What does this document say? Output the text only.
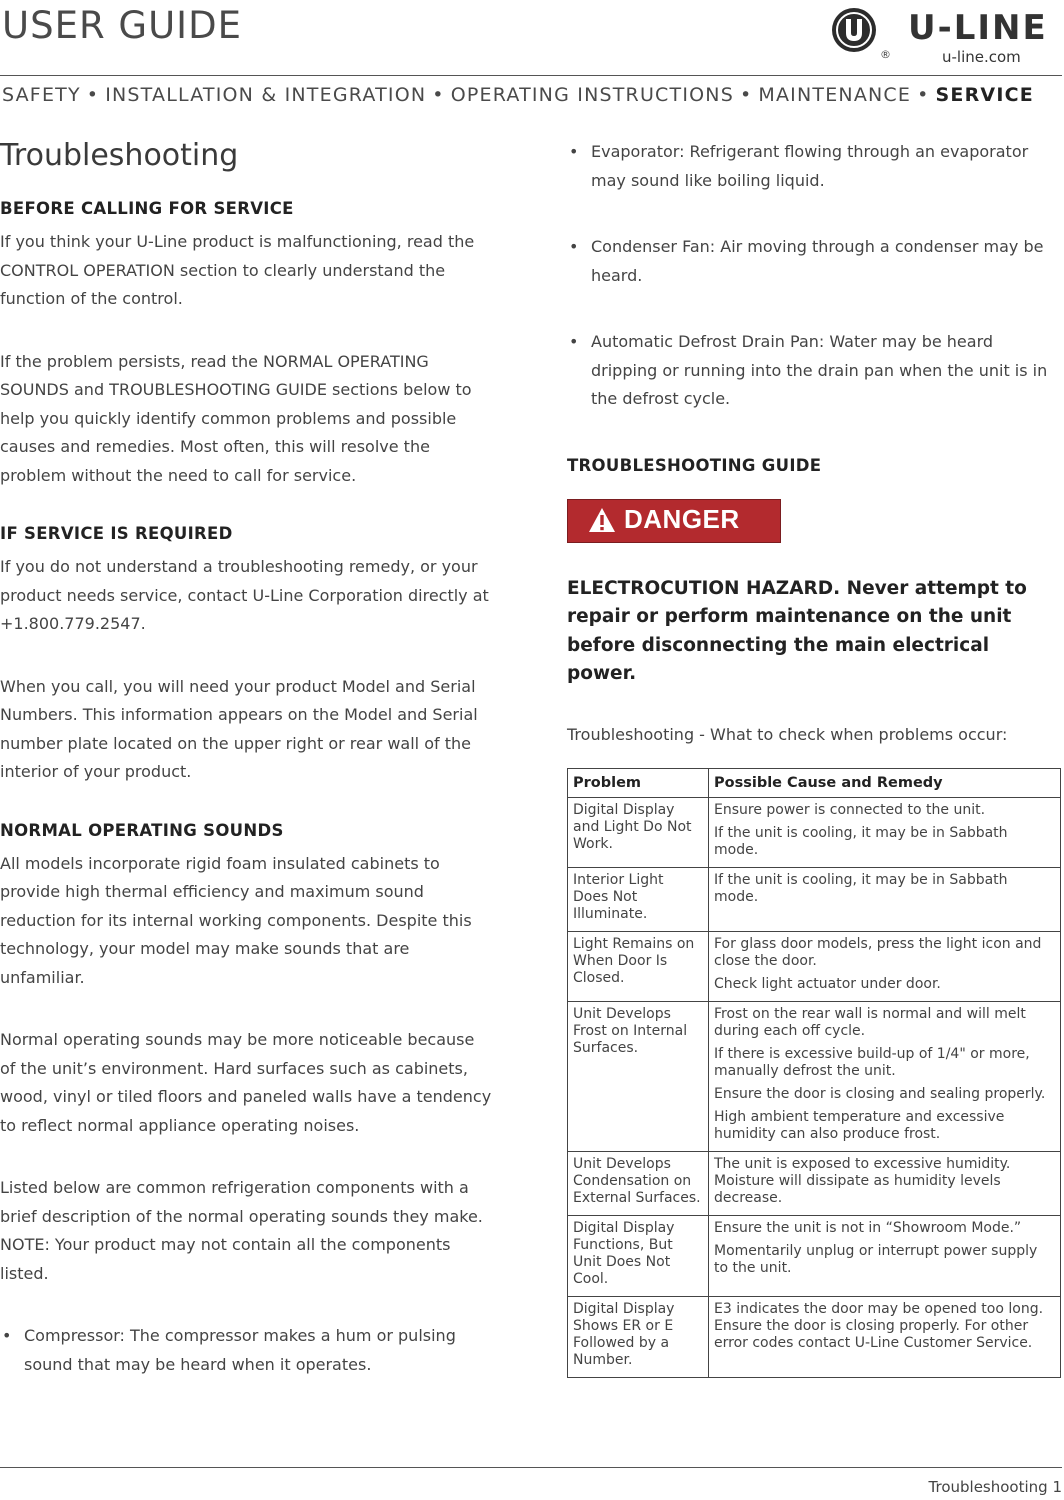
USER GUIDE
®
U-LINE
u-line.com
SAFETY • INSTALLATION & INTEGRATION • OPERATING INSTRUCTIONS • MAINTENANCE • SERVICE
Troubleshooting
BEFORE CALLING FOR SERVICE

If you think your U-Line product is malfunctioning, read the CONTROL OPERATION section to clearly understand the function of the control.

If the problem persists, read the NORMAL OPERATING SOUNDS and TROUBLESHOOTING GUIDE sections below to help you quickly identify common problems and possible causes and remedies. Most often, this will resolve the problem without the need to call for service.

IF SERVICE IS REQUIRED

If you do not understand a troubleshooting remedy, or your product needs service, contact U-Line Corporation directly at +1.800.779.2547.

When you call, you will need your product Model and Serial Numbers. This information appears on the Model and Serial number plate located on the upper right or rear wall of the interior of your product.

NORMAL OPERATING SOUNDS

All models incorporate rigid foam insulated cabinets to provide high thermal efficiency and maximum sound reduction for its internal working components. Despite this technology, your model may make sounds that are unfamiliar.

Normal operating sounds may be more noticeable because of the unit’s environment. Hard surfaces such as cabinets, wood, vinyl or tiled floors and paneled walls have a tendency to reflect normal appliance operating noises.

Listed below are common refrigeration components with a brief description of the normal operating sounds they make. NOTE: Your product may not contain all the components listed.

• Compressor: The compressor makes a hum or pulsing sound that may be heard when it operates.
• Evaporator: Refrigerant flowing through an evaporator may sound like boiling liquid.
• Condenser Fan: Air moving through a condenser may be heard.
• Automatic Defrost Drain Pan: Water may be heard dripping or running into the drain pan when the unit is in the defrost cycle.
TROUBLESHOOTING GUIDE
DANGER
ELECTROCUTION HAZARD. Never attempt to repair or perform maintenance on the unit before disconnecting the main electrical power.
Troubleshooting - What to check when problems occur:
Problem	Possible Cause and Remedy
Digital Display and Light Do Not Work.	Ensure power is connected to the unit.
If the unit is cooling, it may be in Sabbath mode.

Interior Light Does Not Illuminate.	If the unit is cooling, it may be in Sabbath mode.

Light Remains on When Door Is Closed.	For glass door models, press the light icon and close the door.
Check light actuator under door.

Unit Develops Frost on Internal Surfaces.	Frost on the rear wall is normal and will melt during each off cycle.
If there is excessive build-up of 1/4" or more, manually defrost the unit.
Ensure the door is closing and sealing properly.
High ambient temperature and excessive humidity can also produce frost.

Unit Develops Condensation on External Surfaces.	The unit is exposed to excessive humidity. Moisture will dissipate as humidity levels decrease.

Digital Display Functions, But Unit Does Not Cool.	Ensure the unit is not in “Showroom Mode.”
Momentarily unplug or interrupt power supply to the unit.

Digital Display Shows ER or E Followed by a Number.	E3 indicates the door may be opened too long. Ensure the door is closing properly. For other error codes contact U-Line Customer Service.
Troubleshooting 1
